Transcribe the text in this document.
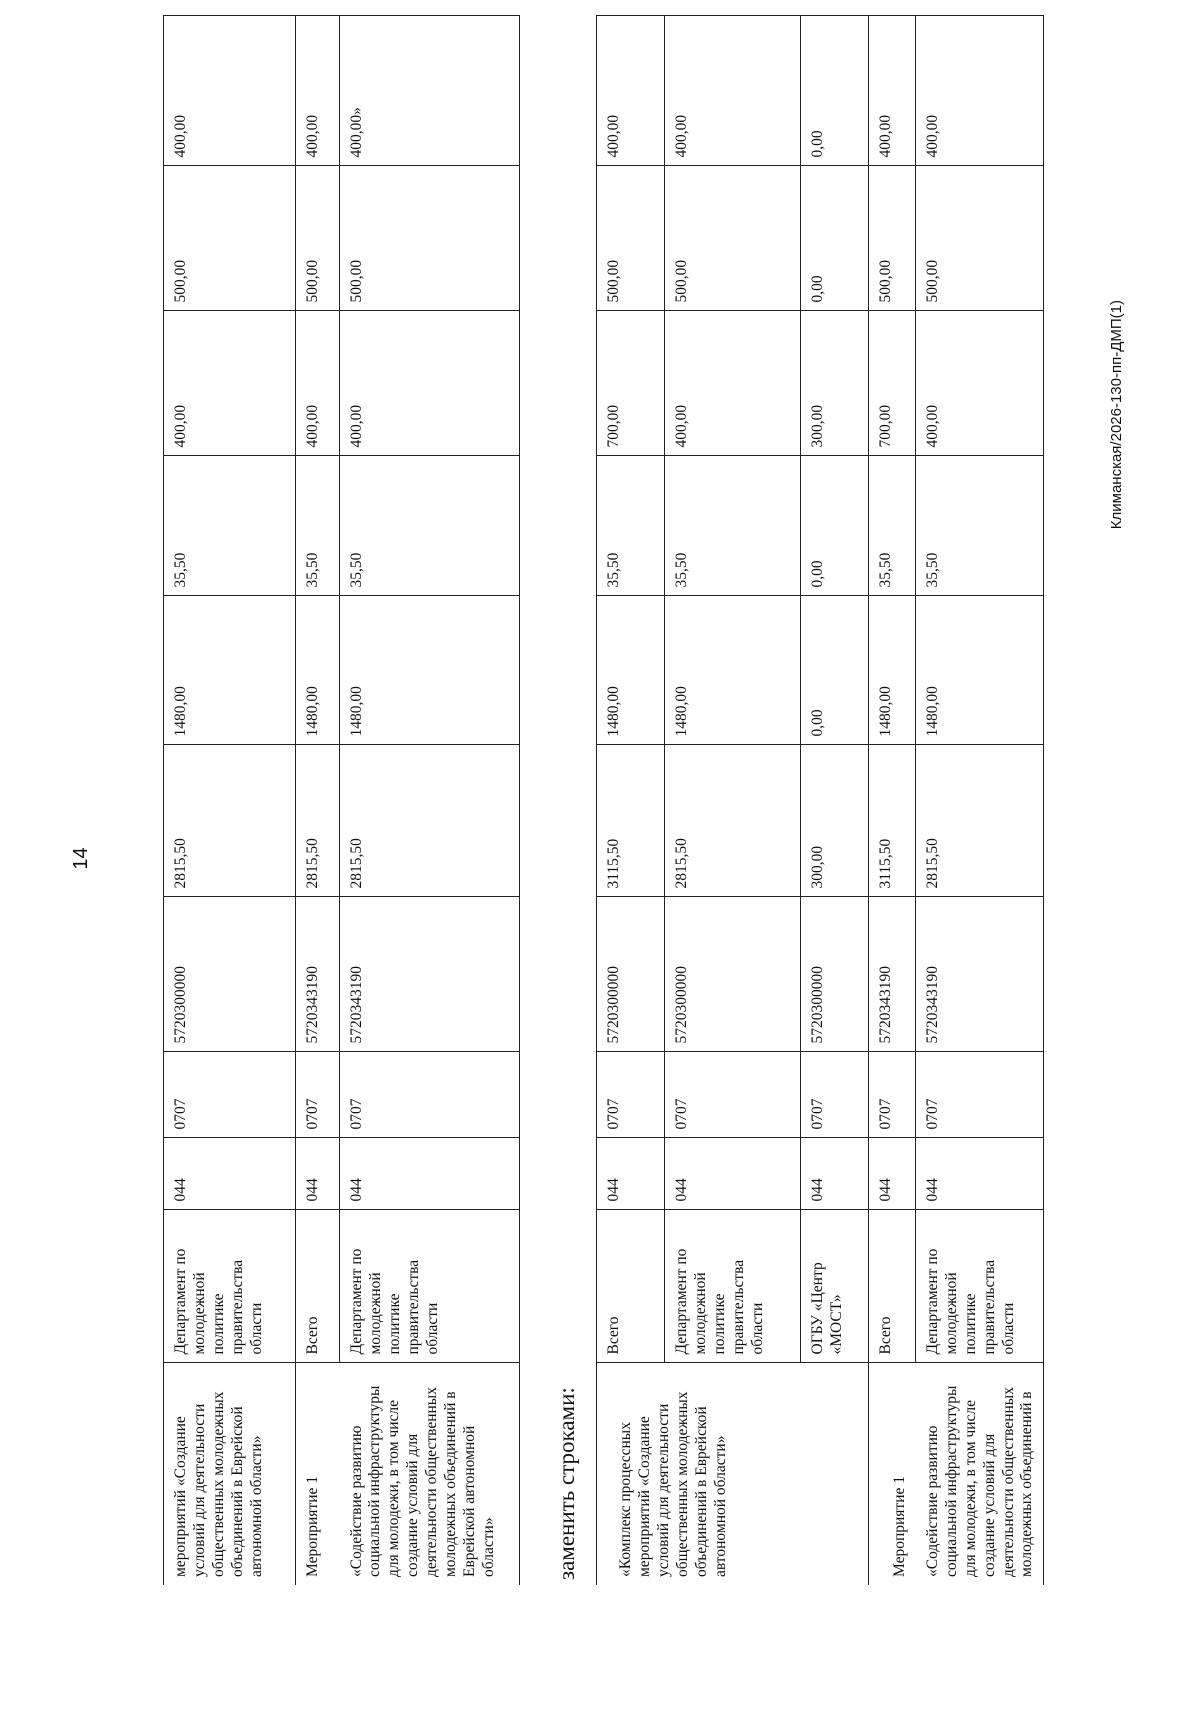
14
мероприятий «Создание условий для деятельности общественных молодежных объединений в Еврейской автономной области»	Департамент по молодежной политике правительства области	044	0707	5720300000	2815,50	1480,00	35,50	400,00	500,00	400,00
Мероприятие 1	Всего	044	0707	5720343190	2815,50	1480,00	35,50	400,00	500,00	400,00
«Содействие развитию социальной инфраструктуры для молодежи, в том числе создание условий для деятельности общественных молодежных объединений в Еврейской автономной области»	Департамент по молодежной политике правительства области	044	0707	5720343190	2815,50	1480,00	35,50	400,00	500,00	400,00»
заменить строками: «Комплекс процессных мероприятий «Создание условий для деятельности общественных молодежных объединений в Еврейской автономной области»	Всего	044	0707	5720300000	3115,50	1480,00	35,50	700,00	500,00	400,00
	Департамент по молодежной политике правительства области	044	0707	5720300000	2815,50	1480,00	35,50	400,00	500,00	400,00
	ОГБУ «Центр «МОСТ»	044	0707	5720300000	300,00	0,00	0,00	300,00	0,00	0,00
Мероприятие 1	Всего	044	0707	5720343190	3115,50	1480,00	35,50	700,00	500,00	400,00
«Содействие развитию социальной инфраструктуры для молодежи, в том числе создание условий для деятельности общественных молодежных объединений в	Департамент по молодежной политике правительства области	044	0707	5720343190	2815,50	1480,00	35,50	400,00	500,00	400,00
Климанская/2026-130-пп-ДМП(1)
